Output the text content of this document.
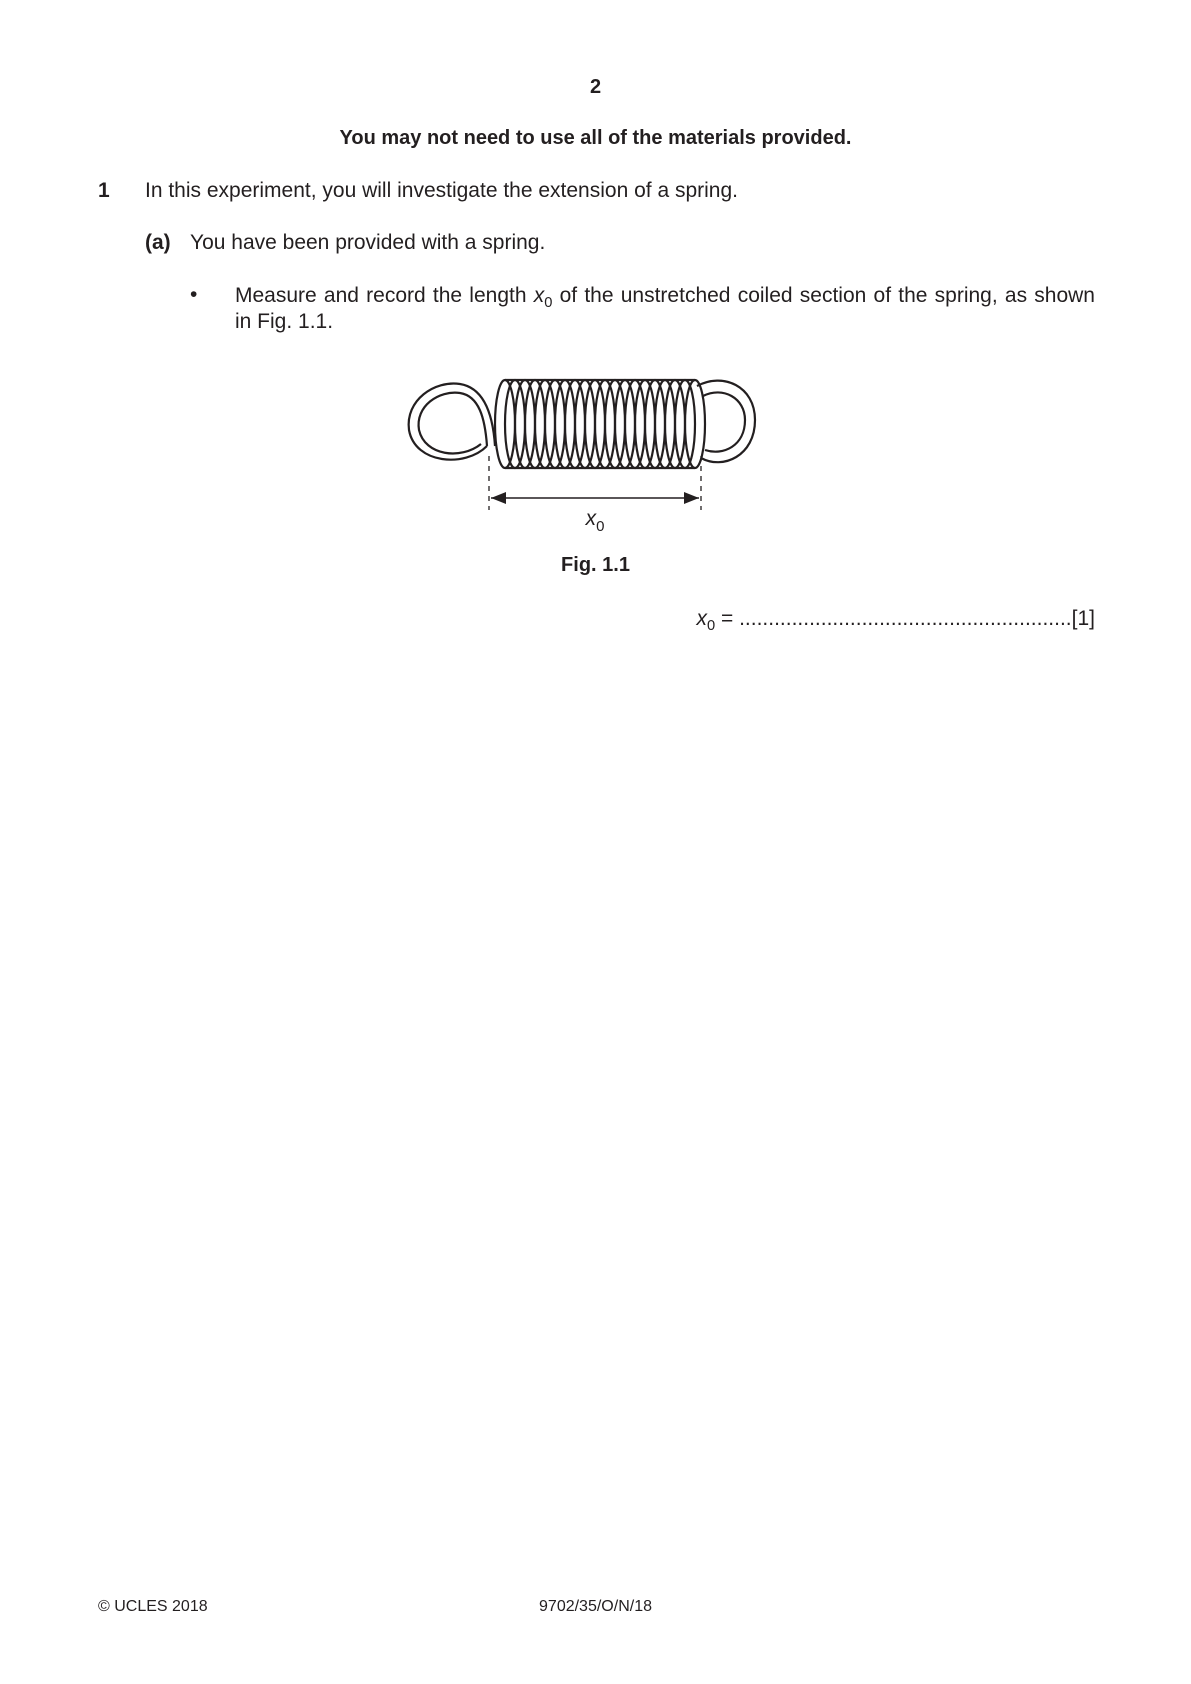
2
You may not need to use all of the materials provided.
1 In this experiment, you will investigate the extension of a spring.
(a) You have been provided with a spring.
• Measure and record the length $x_0$ of the unstretched coiled section of the spring, as shown in Fig. 1.1.
$x_0$
Fig. 1.1
$x_0 = .........................................................[1]$
© UCLES 2018	9702/35/O/N/18
